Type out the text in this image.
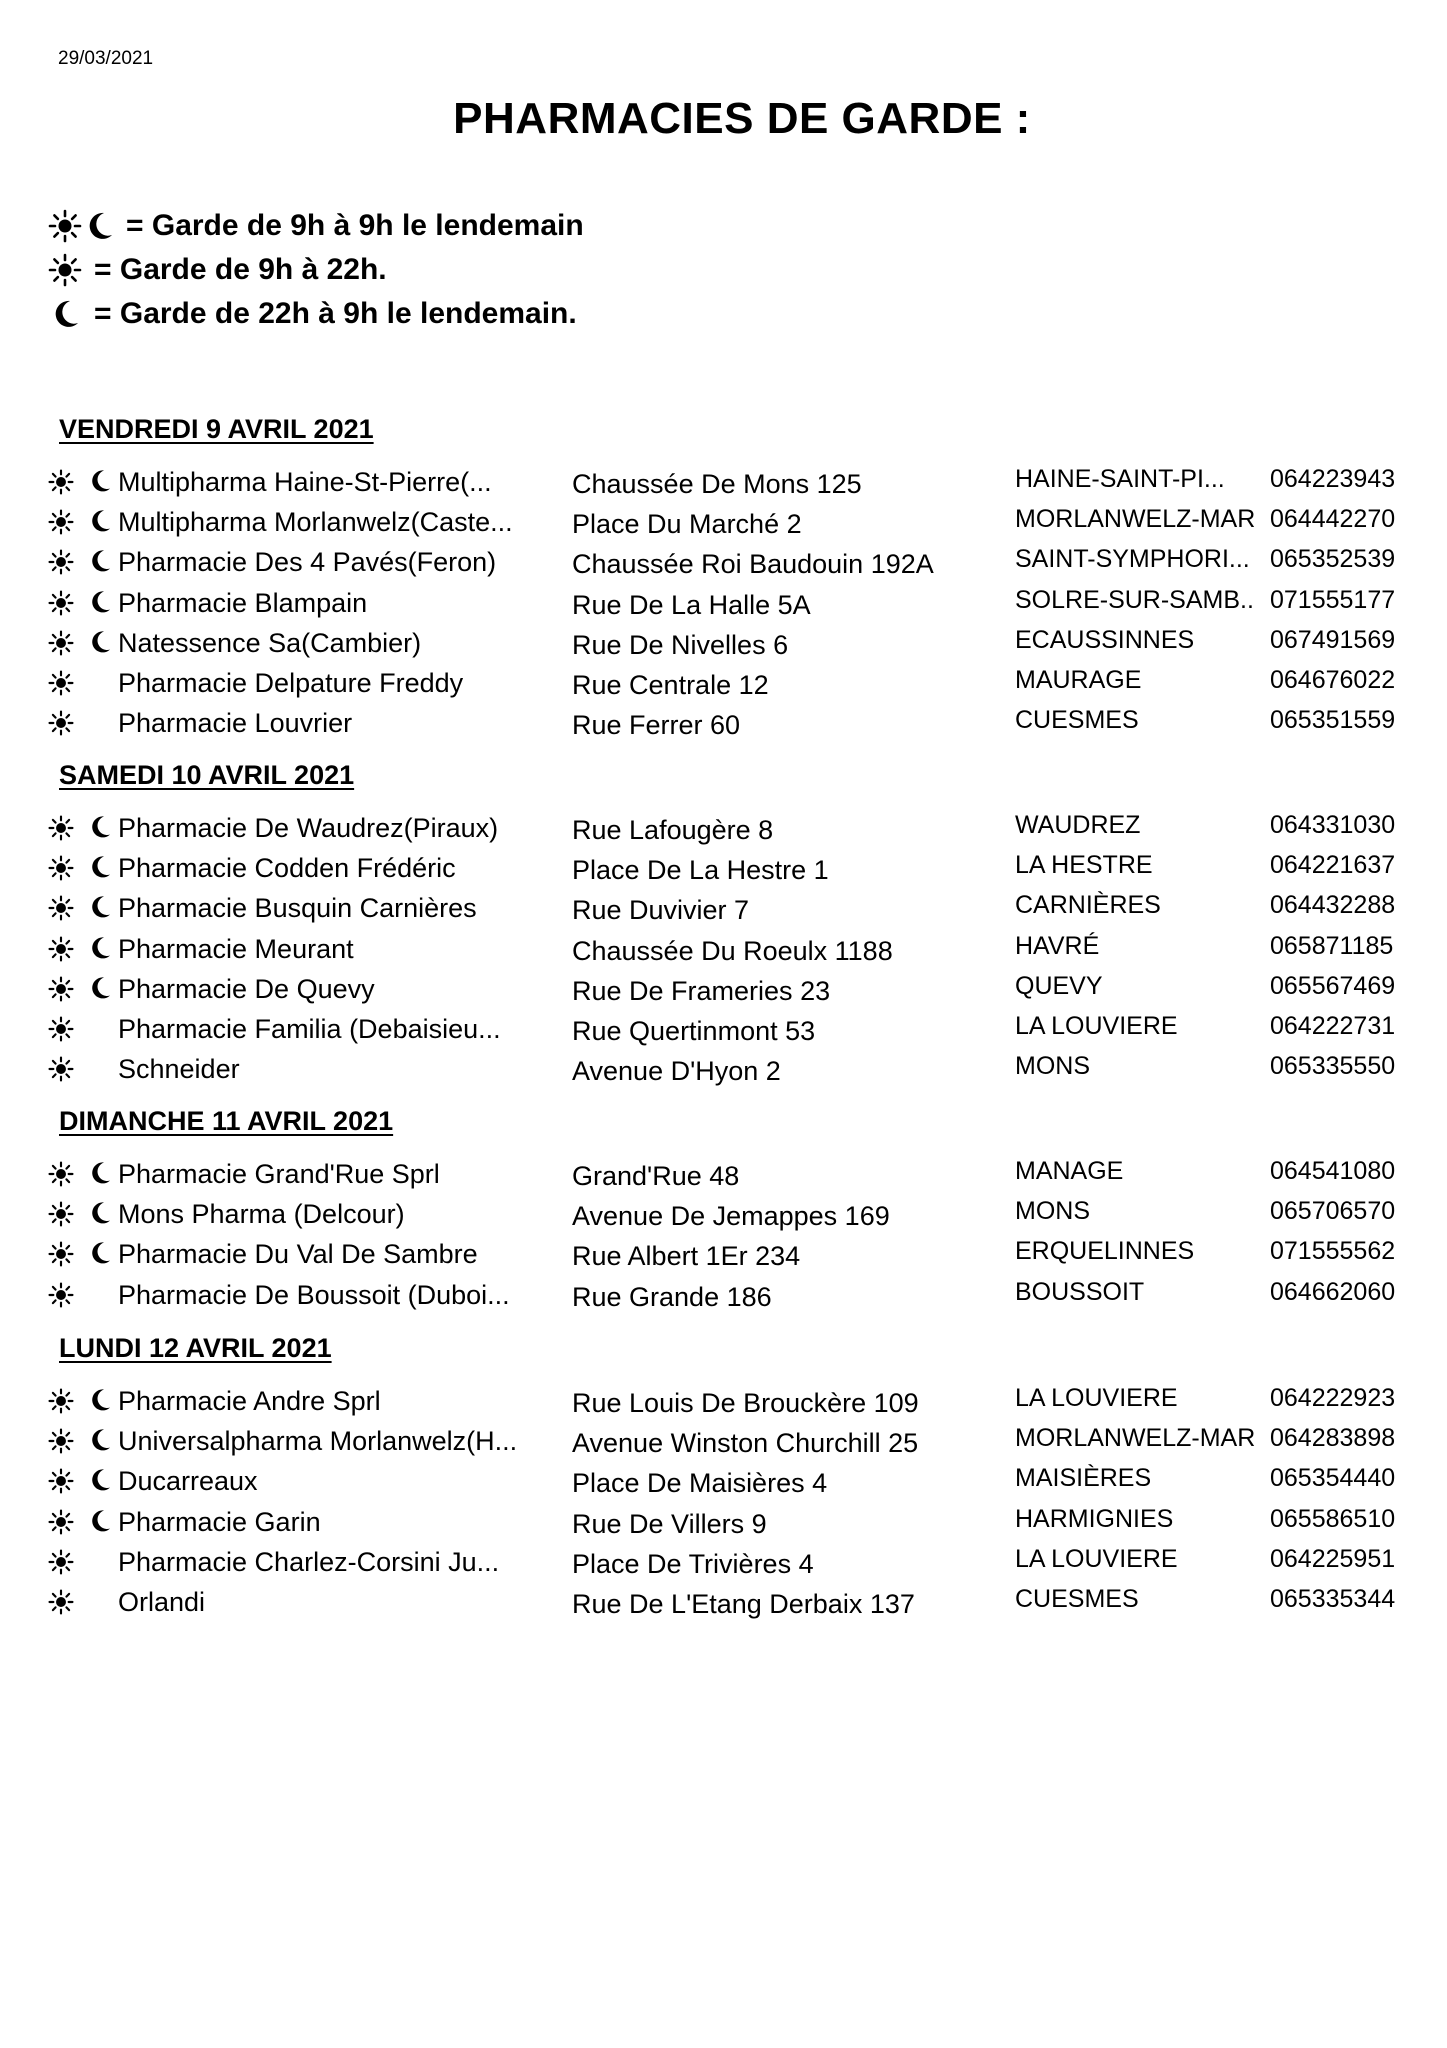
29/03/2021
PHARMACIES DE GARDE :
= Garde de 9h à 9h le lendemain
= Garde de 9h à 22h.
= Garde de 22h à 9h le lendemain.
VENDREDI 9 AVRIL 2021
Multipharma Haine-St-Pierre(...	Chaussée De Mons 125	HAINE-SAINT-PI... 064223943
Multipharma Morlanwelz(Caste... Place Du Marché 2	MORLANWELZ-MAR 064442270
Pharmacie Des 4 Pavés(Feron)	Chaussée Roi Baudouin 192A	SAINT-SYMPHORI... 065352539
Pharmacie Blampain	Rue De La Halle 5A	SOLRE-SUR-SAMB.. 071555177
Natessence Sa(Cambier)	Rue De Nivelles 6	ECAUSSINNES	067491569
Pharmacie Delpature Freddy	Rue Centrale 12	MAURAGE	064676022
Pharmacie Louvrier	Rue Ferrer 60	CUESMES	065351559
SAMEDI 10 AVRIL 2021
Pharmacie De Waudrez(Piraux)	Rue Lafougère 8	WAUDREZ	064331030
Pharmacie Codden Frédéric	Place De La Hestre 1	LA HESTRE	064221637
Pharmacie Busquin Carnières	Rue Duvivier 7	CARNIÈRES	064432288
Pharmacie Meurant	Chaussée Du Roeulx 1188	HAVRÉ	065871185
Pharmacie De Quevy	Rue De Frameries 23	QUEVY	065567469
Pharmacie Familia (Debaisieu...	Rue Quertinmont 53	LA LOUVIERE	064222731
Schneider	Avenue D'Hyon 2	MONS	065335550
DIMANCHE 11 AVRIL 2021
Pharmacie Grand'Rue Sprl	Grand'Rue 48	MANAGE	064541080
Mons Pharma (Delcour)	Avenue De Jemappes 169	MONS	065706570
Pharmacie Du Val De Sambre	Rue Albert 1Er 234	ERQUELINNES	071555562
Pharmacie De Boussoit (Duboi... Rue Grande 186	BOUSSOIT	064662060
LUNDI 12 AVRIL 2021
Pharmacie Andre Sprl	Rue Louis De Brouckère 109	LA LOUVIERE	064222923
Universalpharma Morlanwelz(H... Avenue Winston Churchill 25	MORLANWELZ-MAR 064283898
Ducarreaux	Place De Maisières 4	MAISIÈRES	065354440
Pharmacie Garin	Rue De Villers 9	HARMIGNIES	065586510
Pharmacie Charlez-Corsini Ju...	Place De Trivières 4	LA LOUVIERE	064225951
Orlandi	Rue De L'Etang Derbaix 137	CUESMES	065335344
